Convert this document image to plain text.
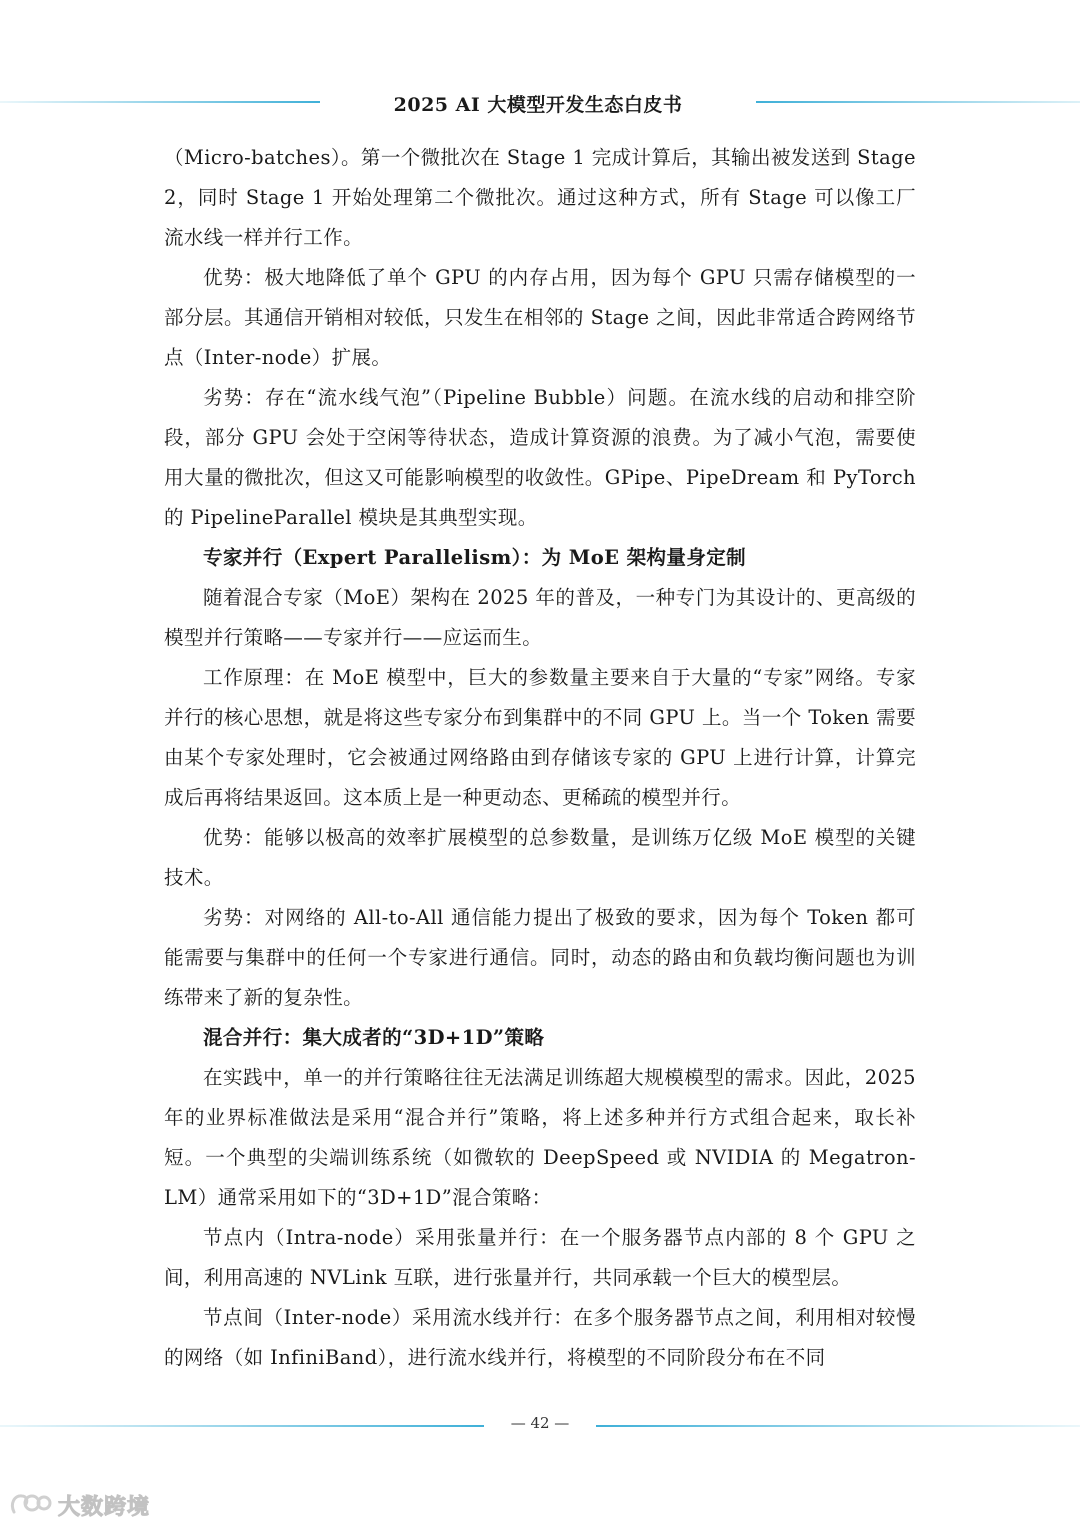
2025 AI 大模型开发生态白皮书

（Micro-batches）。第一个微批次在 Stage 1 完成计算后，其输出被发送到 Stage 2，同时 Stage 1 开始处理第二个微批次。通过这种方式，所有 Stage 可以像工厂流水线一样并行工作。

优势：极大地降低了单个 GPU 的内存占用，因为每个 GPU 只需存储模型的一部分层。其通信开销相对较低，只发生在相邻的 Stage 之间，因此非常适合跨网络节点（Inter-node）扩展。

劣势：存在“流水线气泡”（Pipeline Bubble）问题。在流水线的启动和排空阶段，部分 GPU 会处于空闲等待状态，造成计算资源的浪费。为了减小气泡，需要使用大量的微批次，但这又可能影响模型的收敛性。GPipe、PipeDream 和 PyTorch 的 PipelineParallel 模块是其典型实现。

专家并行（Expert Parallelism）：为 MoE 架构量身定制

随着混合专家（MoE）架构在 2025 年的普及，一种专门为其设计的、更高级的模型并行策略——专家并行——应运而生。

工作原理：在 MoE 模型中，巨大的参数量主要来自于大量的“专家”网络。专家并行的核心思想，就是将这些专家分布到集群中的不同 GPU 上。当一个 Token 需要由某个专家处理时，它会被通过网络路由到存储该专家的 GPU 上进行计算，计算完成后再将结果返回。这本质上是一种更动态、更稀疏的模型并行。

优势：能够以极高的效率扩展模型的总参数量，是训练万亿级 MoE 模型的关键技术。

劣势：对网络的 All-to-All 通信能力提出了极致的要求，因为每个 Token 都可能需要与集群中的任何一个专家进行通信。同时，动态的路由和负载均衡问题也为训练带来了新的复杂性。

混合并行：集大成者的“3D+1D”策略

在实践中，单一的并行策略往往无法满足训练超大规模模型的需求。因此，2025 年的业界标准做法是采用“混合并行”策略，将上述多种并行方式组合起来，取长补短。一个典型的尖端训练系统（如微软的 DeepSpeed 或 NVIDIA 的 Megatron-LM）通常采用如下的“3D+1D”混合策略：

节点内（Intra-node）采用张量并行：在一个服务器节点内部的 8 个 GPU 之间，利用高速的 NVLink 互联，进行张量并行，共同承载一个巨大的模型层。

节点间（Inter-node）采用流水线并行：在多个服务器节点之间，利用相对较慢的网络（如 InfiniBand），进行流水线并行，将模型的不同阶段分布在不同

— 42 —
大数跨境
